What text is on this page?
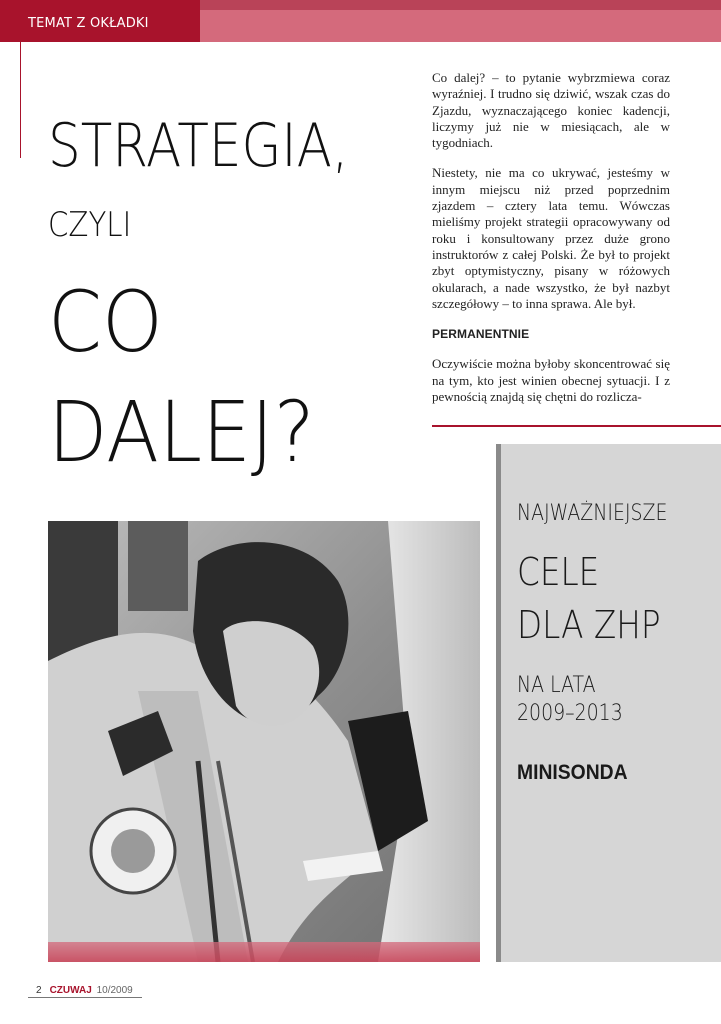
TEMAT Z OKŁADKI
STRATEGIA,
CZYLI
CO
DALEJ?

Co dalej? – to pytanie wybrzmiewa coraz wyraźniej. I trudno się dziwić, wszak czas do Zjazdu, wyznaczającego koniec kadencji, liczymy już nie w miesiącach, ale w tygodniach.

Niestety, nie ma co ukrywać, jesteśmy w innym miejscu niż przed poprzednim zjazdem – cztery lata temu. Wówczas mieliśmy projekt strategii opracowywany od roku i konsultowany przez duże grono instruktorów z całej Polski. Że był to projekt zbyt optymistyczny, pisany w różowych okularach, a nade wszystko, że był nazbyt szczegółowy – to inna sprawa. Ale był.

PERMANENTNIE

Oczywiście można byłoby skoncentrować się na tym, kto jest winien obecnej sytuacji. I z pewnością znajdą się chętni do rozlicza-

NAJWAŻNIEJSZE
CELE
DLA ZHP
NA LATA
2009–2013
MINISONDA
2 CZUWAJ 10/2009
